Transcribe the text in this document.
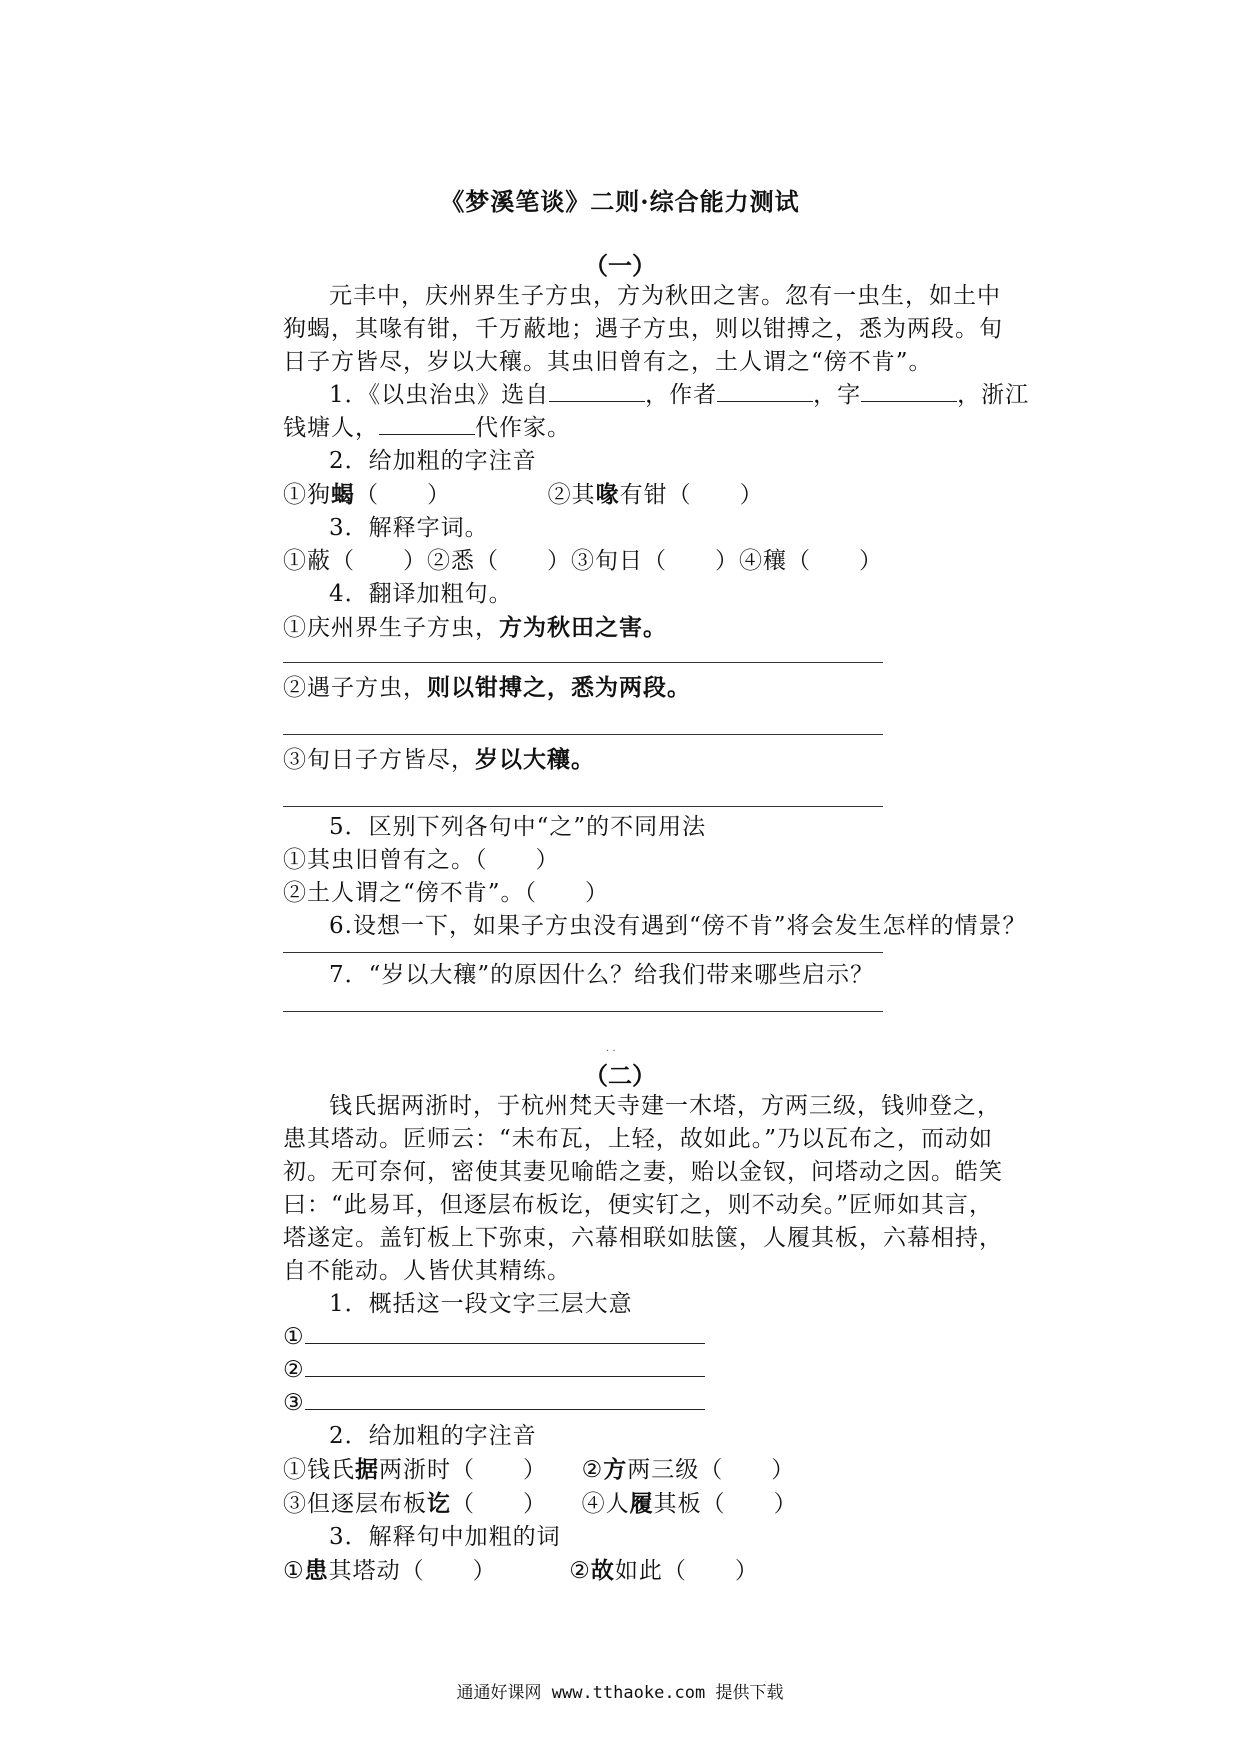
《梦溪笔谈》二则·综合能力测试
（一）

元丰中，庆州界生子方虫，方为秋田之害。忽有一虫生，如土中狗蝎，其喙有钳，千万蔽地；遇子方虫，则以钳搏之，悉为两段。旬日子方皆尽，岁以大穰。其虫旧曾有之，土人谓之“傍不肯”。

1．《以虫治虫》选自	，作者	，字	，浙江

钱塘人，	代作家。

2．给加粗的字注音

①狗蝎（　　）	②其喙有钳（　　）

3．解释字词。

①蔽（　　）②悉（　　）③旬日（　　）④穰（　　）

4．翻译加粗句。

①庆州界生子方虫，方为秋田之害。

②遇子方虫，则以钳搏之，悉为两段。

③旬日子方皆尽，岁以大穰。

5．区别下列各句中“之”的不同用法

①其虫旧曾有之。（　　）

②土人谓之“傍不肯”。（　　）

6.设想一下，如果子方虫没有遇到“傍不肯”将会发生怎样的情景？

7．“岁以大穰”的原因什么？给我们带来哪些启示？

· ·
（二）

钱氏据两浙时，于杭州梵天寺建一木塔，方两三级，钱帅登之，患其塔动。匠师云：“未布瓦，上轻，故如此。”乃以瓦布之，而动如初。无可奈何，密使其妻见喻皓之妻，贻以金钗，问塔动之因。皓笑曰：“此易耳，但逐层布板讫，便实钉之，则不动矣。”匠师如其言，塔遂定。盖钉板上下弥束，六幕相联如胠箧，人履其板，六幕相持，自不能动。人皆伏其精练。

1．概括这一段文字三层大意

①

②

③

2．给加粗的字注音

①钱氏据两浙时（　　） ②方两三级（　　）

③但逐层布板讫（　　） ④人履其板（　　）

3．解释句中加粗的词

①患其塔动（　　）	②故如此（　　）

通通好课网 www.tthaoke.com 提供下载
